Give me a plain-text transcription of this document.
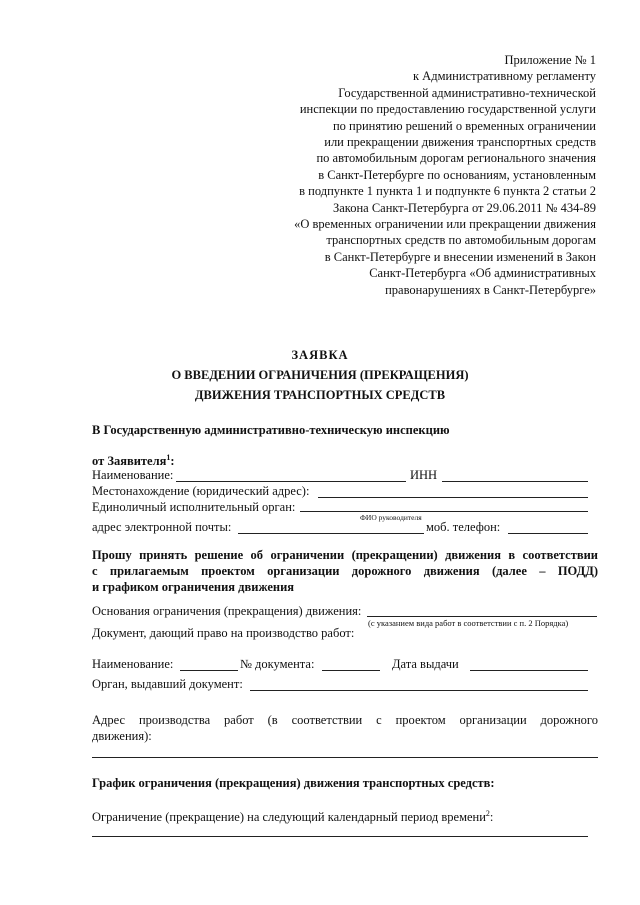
Приложение № 1
к Административному регламенту
Государственной административно-технической
инспекции по предоставлению государственной услуги
по принятию решений о временных ограничении
или прекращении движения транспортных средств
по автомобильным дорогам регионального значения
в Санкт-Петербурге по основаниям, установленным
в подпункте 1 пункта 1 и подпункте 6 пункта 2 статьи 2
Закона Санкт-Петербурга от 29.06.2011 № 434-89
«О временных ограничении или прекращении движения
транспортных средств по автомобильным дорогам
в Санкт-Петербурге и внесении изменений в Закон
Санкт-Петербурга «Об административных
правонарушениях в Санкт-Петербурге»
ЗАЯВКА
О ВВЕДЕНИИ ОГРАНИЧЕНИЯ (ПРЕКРАЩЕНИЯ)
ДВИЖЕНИЯ ТРАНСПОРТНЫХ СРЕДСТВ
В Государственную административно-техническую инспекцию
от Заявителя$^1$:
Наименование:	ИНН
Местонахождение (юридический адрес):
Единоличный исполнительный орган:
ФИО руководителя
адрес электронной почты:	моб. телефон:
Прошу принять решение об ограничении (прекращении) движения в соответствии
с прилагаемым проектом организации дорожного движения (далее – ПОДД)
и графиком ограничения движения
Основания ограничения (прекращения) движения:
(с указанием вида работ в соответствии с п. 2 Порядка)
Документ, дающий право на производство работ:
Наименование:	№ документа:	Дата выдачи
Орган, выдавший документ:
Адрес производства работ (в соответствии с проектом организации дорожного
движения):
График ограничения (прекращения) движения транспортных средств:
Ограничение (прекращение) на следующий календарный период времени$^2$:
